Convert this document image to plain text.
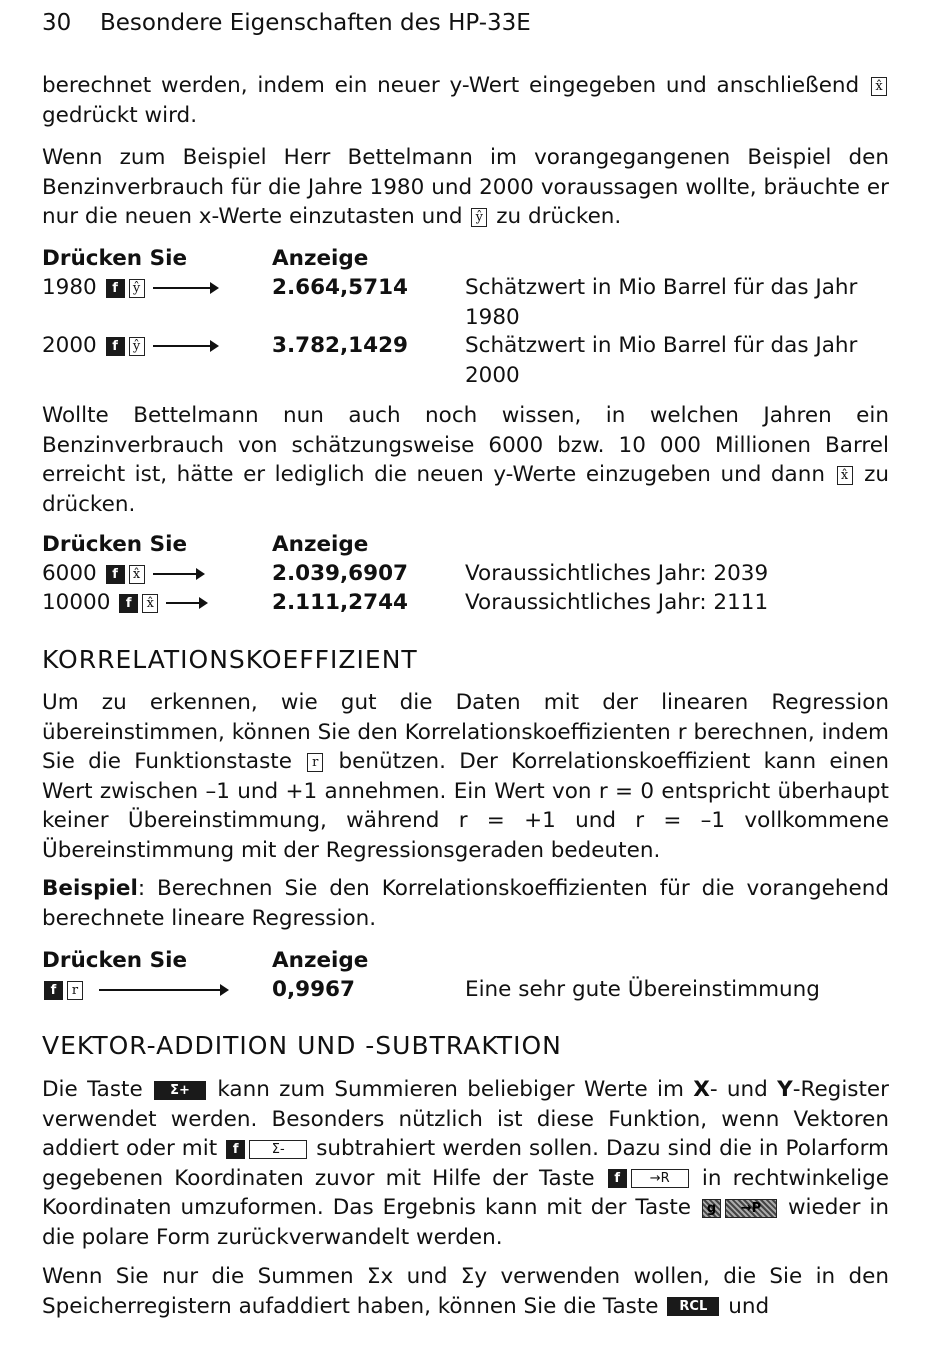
30 Besondere Eigenschaften des HP-33E
berechnet werden, indem ein neuer y-Wert eingegeben und anschließend x̂ gedrückt wird.
Wenn zum Beispiel Herr Bettelmann im vorangegangenen Beispiel den Benzinverbrauch für die Jahre 1980 und 2000 voraussagen wollte, bräuchte er nur die neuen x-Werte einzutasten und ŷ zu drücken.
Drücken Sie	Anzeige
1980 f ŷ	2.664,5714	Schätzwert in Mio Barrel für das Jahr 1980
2000 f ŷ	3.782,1429	Schätzwert in Mio Barrel für das Jahr 2000
Wollte Bettelmann nun auch noch wissen, in welchen Jahren ein Benzinverbrauch von schätzungsweise 6000 bzw. 10 000 Millionen Barrel erreicht ist, hätte er lediglich die neuen y-Werte einzugeben und dann x̂ zu drücken.
Drücken Sie	Anzeige
6000 f x̂	2.039,6907	Voraussichtliches Jahr: 2039
10000 f x̂	2.111,2744	Voraussichtliches Jahr: 2111
KORRELATIONSKOEFFIZIENT
Um zu erkennen, wie gut die Daten mit der linearen Regression übereinstimmen, können Sie den Korrelationskoeffizienten r berechnen, indem Sie die Funktionstaste r benützen. Der Korrelationskoeffizient kann einen Wert zwischen –1 und +1 annehmen. Ein Wert von r = 0 entspricht überhaupt keiner Übereinstimmung, während r = +1 und r = –1 vollkommene Übereinstimmung mit der Regressionsgeraden bedeuten.
Beispiel: Berechnen Sie den Korrelationskoeffizienten für die vorangehend berechnete lineare Regression.
Drücken Sie	Anzeige
f r	0,9967	Eine sehr gute Übereinstimmung
VEKTOR-ADDITION UND -SUBTRAKTION
Die Taste Σ+ kann zum Summieren beliebiger Werte im X- und Y-Register verwendet werden. Besonders nützlich ist diese Funktion, wenn Vektoren addiert oder mit f	Σ- subtrahiert werden sollen. Dazu sind die in Polarform gegebenen Koordinaten zuvor mit Hilfe der Taste f →R in rechtwinkelige Koordinaten umzuformen. Das Ergebnis kann mit der Taste g →P wieder in die polare Form zurückverwandelt werden.
Wenn Sie nur die Summen Σx und Σy verwenden wollen, die Sie in den Speicherregistern aufaddiert haben, können Sie die Taste RCL und
